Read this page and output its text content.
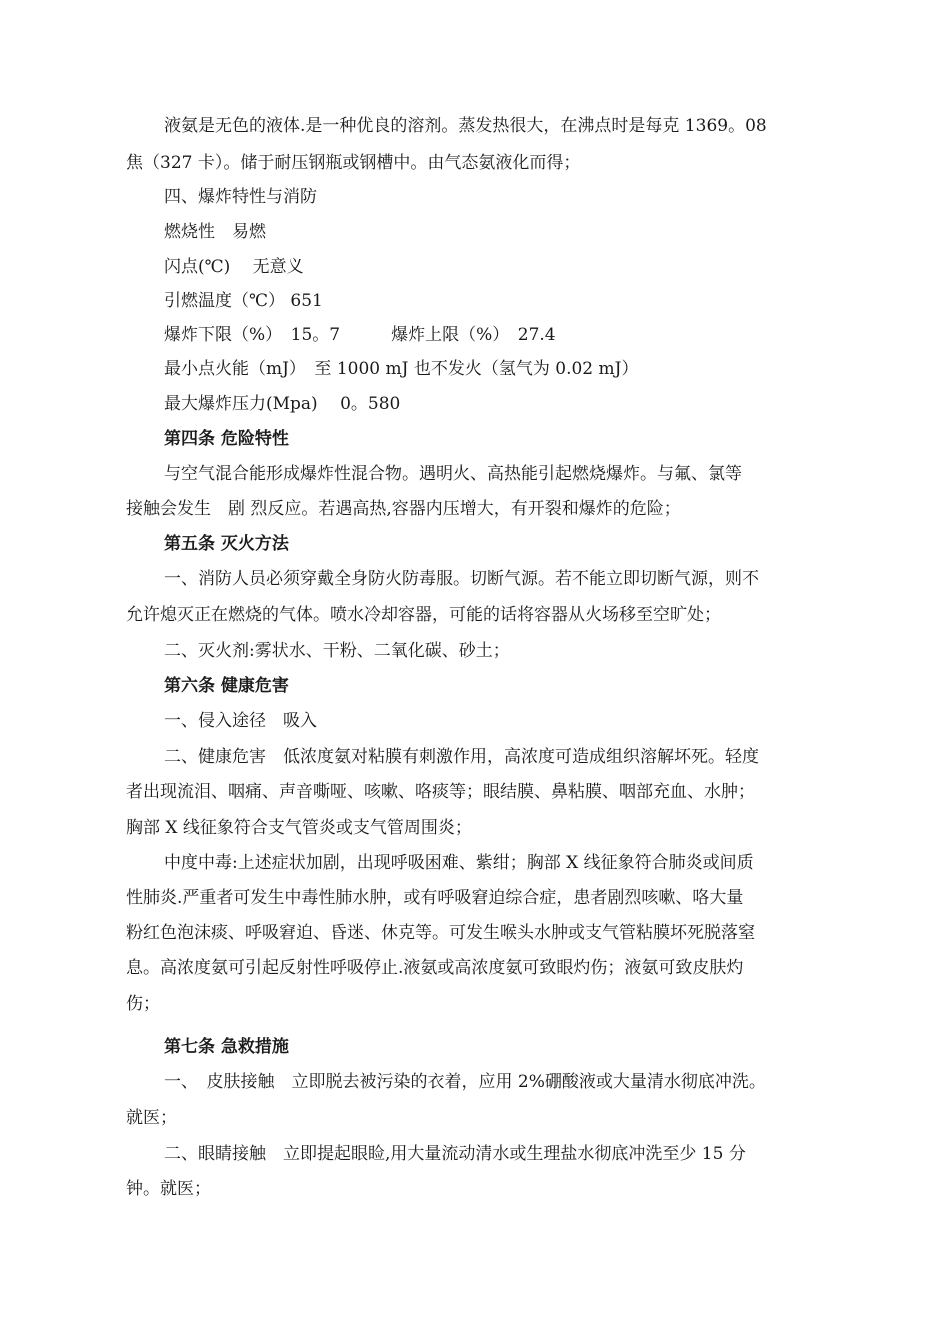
液氨是无色的液体.是一种优良的溶剂。蒸发热很大，在沸点时是每克 1369。08
焦（327 卡）。储于耐压钢瓶或钢槽中。由气态氨液化而得；
四、爆炸特性与消防
燃烧性　易燃
闪点(℃)　 无意义
引燃温度（℃） 651
爆炸下限（%）　15。7　　　爆炸上限（%）　27.4
最小点火能（mJ）　至 1000 mJ 也不发火（氢气为 0.02 mJ）
最大爆炸压力(Mpa)　 0。580
第四条 危险特性
与空气混合能形成爆炸性混合物。遇明火、高热能引起燃烧爆炸。与氟、氯等
接触会发生　剧 烈反应。若遇高热,容器内压增大，有开裂和爆炸的危险；
第五条 灭火方法
一、消防人员必须穿戴全身防火防毒服。切断气源。若不能立即切断气源，则不
允许熄灭正在燃烧的气体。喷水冷却容器，可能的话将容器从火场移至空旷处；
二、灭火剂:雾状水、干粉、二氧化碳、砂土；
第六条 健康危害
一、侵入途径　吸入
二、健康危害　低浓度氨对粘膜有刺激作用，高浓度可造成组织溶解坏死。轻度
者出现流泪、咽痛、声音嘶哑、咳嗽、咯痰等；眼结膜、鼻粘膜、咽部充血、水肿；
胸部 X 线征象符合支气管炎或支气管周围炎；
中度中毒:上述症状加剧，出现呼吸困难、紫绀；胸部 X 线征象符合肺炎或间质
性肺炎.严重者可发生中毒性肺水肿，或有呼吸窘迫综合症，患者剧烈咳嗽、咯大量
粉红色泡沫痰、呼吸窘迫、昏迷、休克等。可发生喉头水肿或支气管粘膜坏死脱落窒
息。高浓度氨可引起反射性呼吸停止.液氨或高浓度氨可致眼灼伤；液氨可致皮肤灼
伤；
第七条 急救措施
一、　皮肤接触　立即脱去被污染的衣着，应用 2%硼酸液或大量清水彻底冲洗。
就医；
二、眼睛接触　立即提起眼睑,用大量流动清水或生理盐水彻底冲洗至少 15 分
钟。就医；
